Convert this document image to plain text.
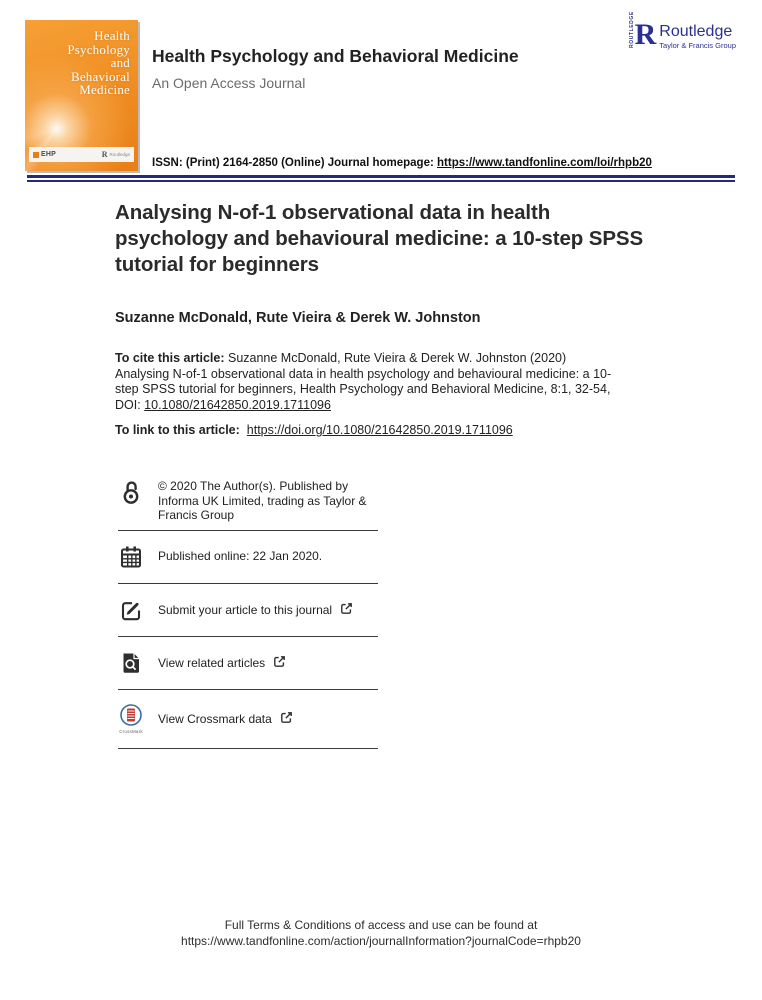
Health
Psychology
and
Behavioral
Medicine
EHP	R Routledge
Health Psychology and Behavioral Medicine
An Open Access Journal
ROUTLEDGE R Routledge
Taylor & Francis Group
ISSN: (Print) 2164-2850 (Online) Journal homepage: https://www.tandfonline.com/loi/rhpb20
Analysing N-of-1 observational data in health psychology and behavioural medicine: a 10-step SPSS tutorial for beginners
Suzanne McDonald, Rute Vieira & Derek W. Johnston
To cite this article: Suzanne McDonald, Rute Vieira & Derek W. Johnston (2020) Analysing N-of-1 observational data in health psychology and behavioural medicine: a 10-step SPSS tutorial for beginners, Health Psychology and Behavioral Medicine, 8:1, 32-54, DOI: 10.1080/21642850.2019.1711096
To link to this article: https://doi.org/10.1080/21642850.2019.1711096
© 2020 The Author(s). Published by Informa UK Limited, trading as Taylor & Francis Group
Published online: 22 Jan 2020.
Submit your article to this journal
View related articles
CrossMark
View Crossmark data
Full Terms & Conditions of access and use can be found at
https://www.tandfonline.com/action/journalInformation?journalCode=rhpb20
